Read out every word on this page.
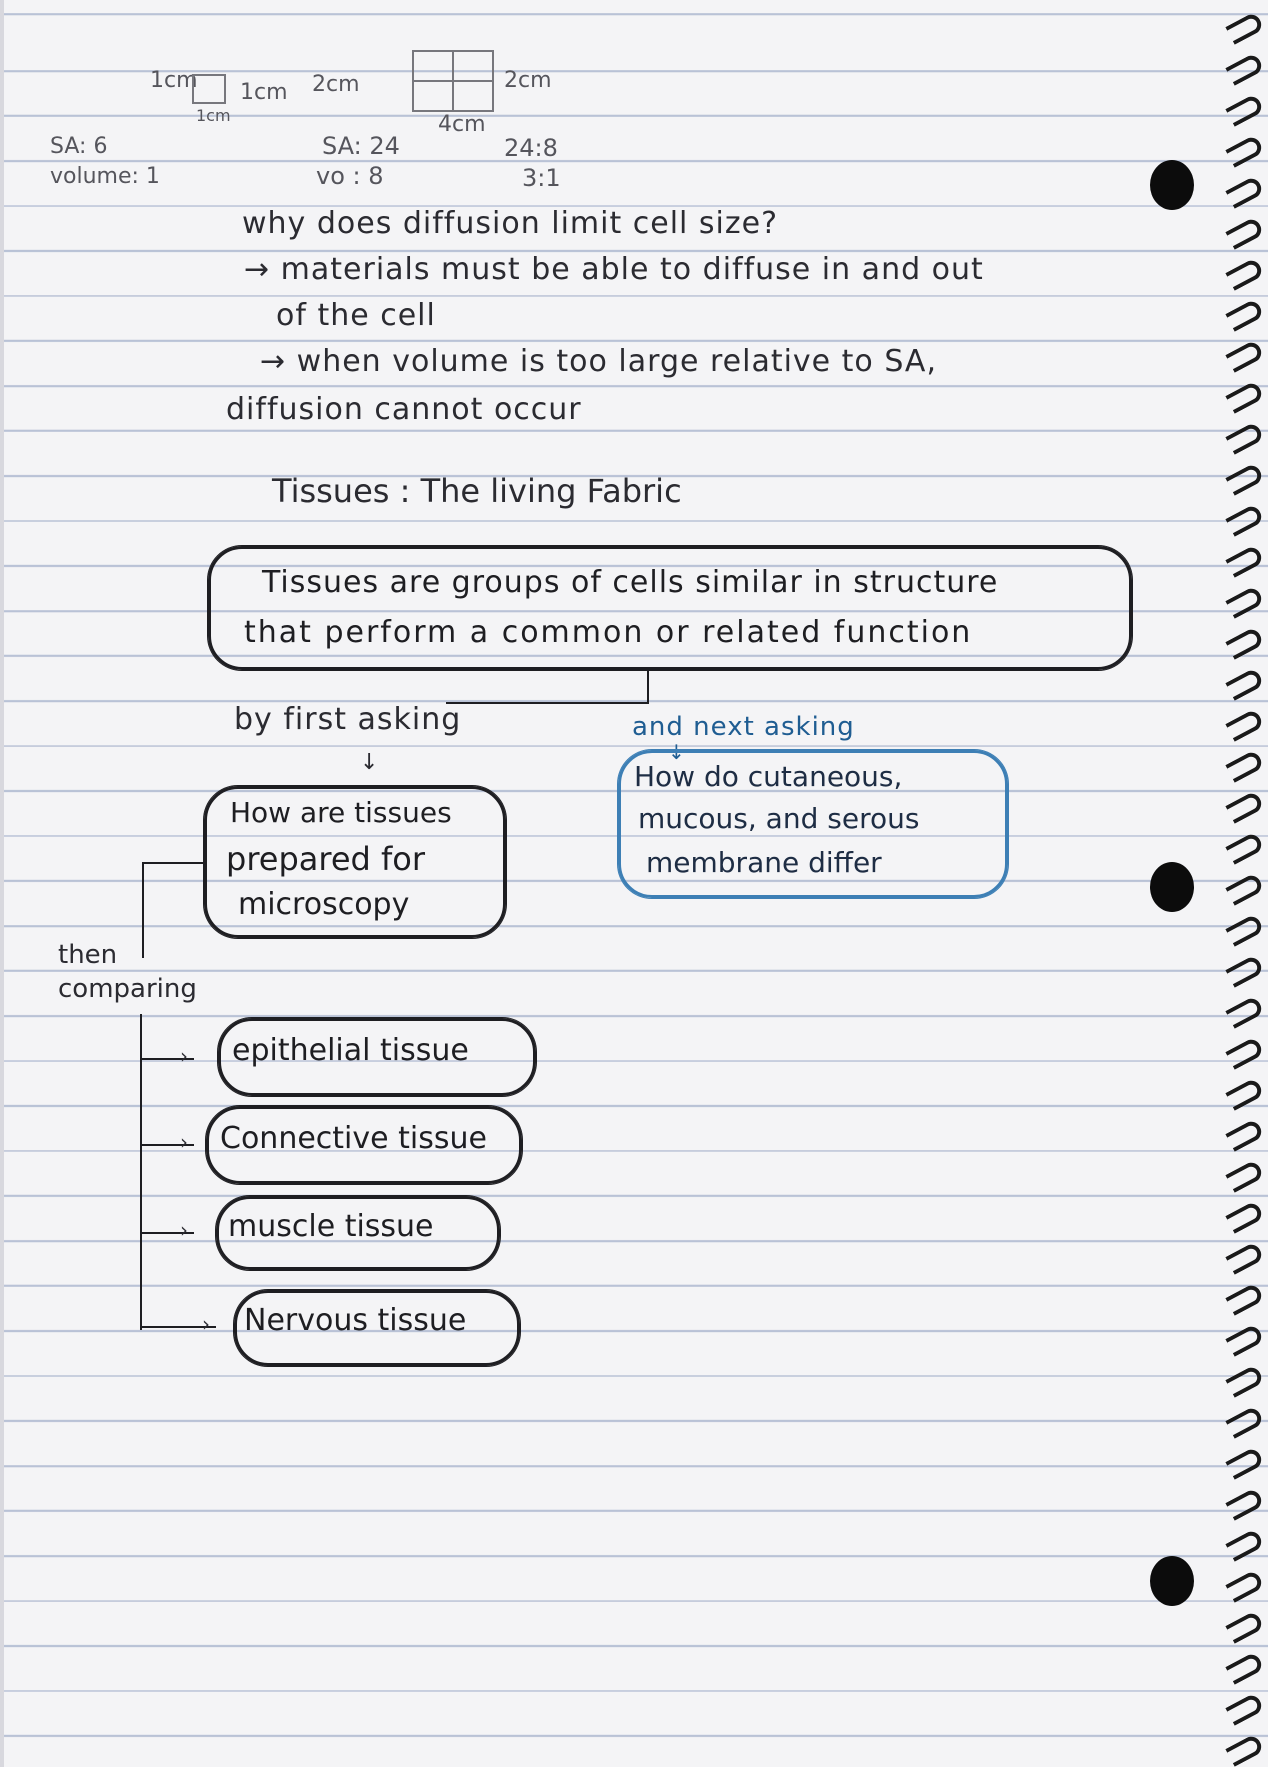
1cm
1cm
1cm
SA: 6
volume: 1
2cm
4cm
2cm
SA: 24
vo : 8
24:8
3:1
why does diffusion limit cell size?
→ materials must be able to diffuse in and out
of the cell
→ when volume is too large relative to SA,
diffusion cannot occur
Tissues : The living Fabric
Tissues are groups of cells similar in structure
that perform a common or related function
by first asking
↓
and next asking
↓
How are tissues
prepared for
microscopy
How do cutaneous,
mucous, and serous
membrane differ
then
comparing
› epithelial tissue
› Connective tissue
› muscle tissue
› Nervous tissue
